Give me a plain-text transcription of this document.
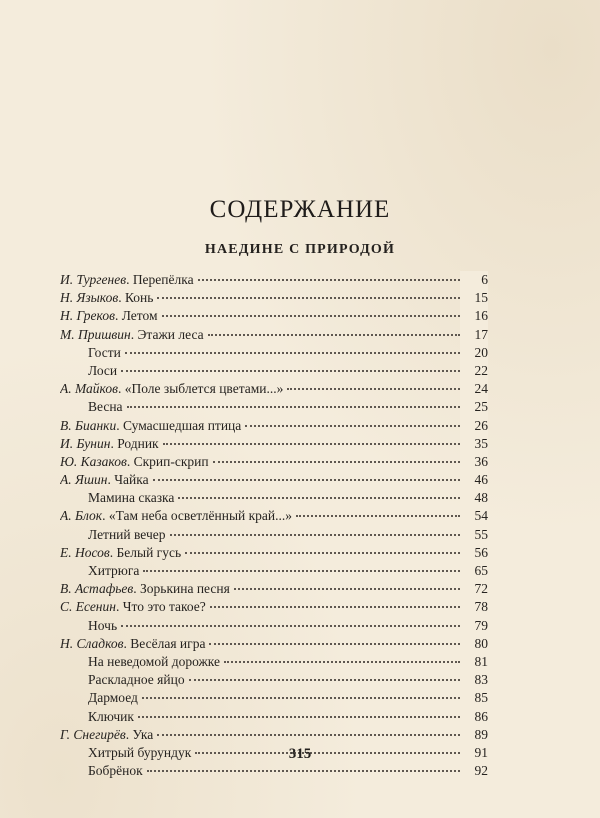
СОДЕРЖАНИЕ
НАЕДИНЕ С ПРИРОДОЙ
И. Тургенев . Перепёлка	6
Н. Языков . Конь	15
Н. Греков . Летом	16
М. Пришвин . Этажи леса	17
Гости	20
Лоси	22
А. Майков . «Поле зыблется цветами...»	24
Весна	25
В. Бианки . Сумасшедшая птица	26
И. Бунин . Родник	35
Ю. Казаков . Скрип-скрип	36
А. Яшин . Чайка	46
Мамина сказка	48
А. Блок . «Там неба осветлённый край...»	54
Летний вечер	55
Е. Носов . Белый гусь	56
Хитрюга	65
В. Астафьев . Зорькина песня	72
С. Есенин . Что это такое?	78
Ночь	79
Н. Сладков . Весёлая игра	80
На неведомой дорожке	81
Раскладное яйцо	83
Дармоед	85
Ключик	86
Г. Снегирёв . Ука	89
Хитрый бурундук	91
Бобрёнок	92
315
